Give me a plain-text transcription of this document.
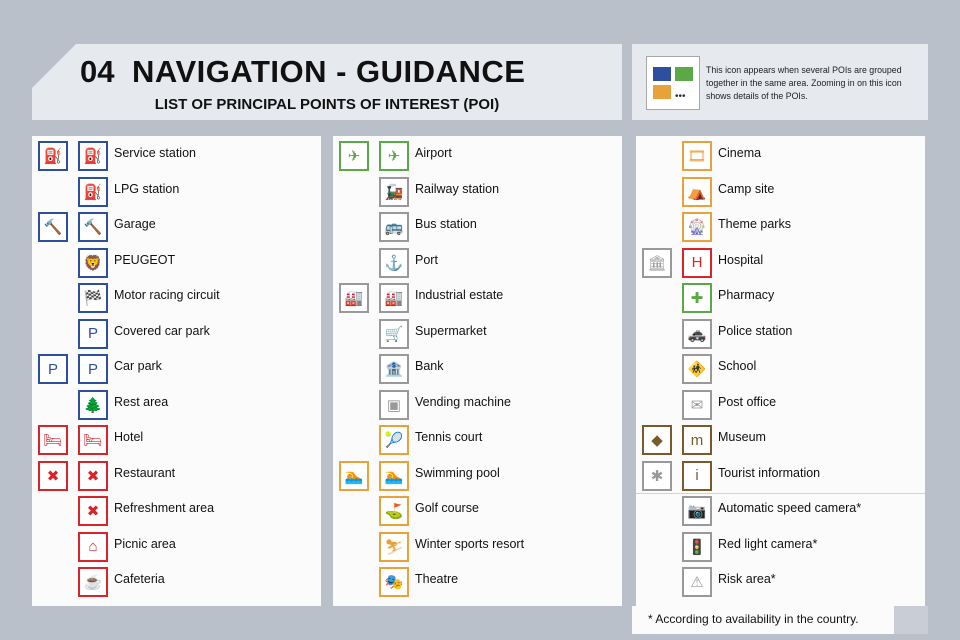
04 NAVIGATION - GUIDANCE
LIST OF PRINCIPAL POINTS OF INTEREST (POI)	•••
This icon appears when several POIs are grouped together in the same area. Zooming in on this icon shows details of the POIs.
⛽	⛽ Service station
⛽ LPG station
🔨	🔨 Garage
🦁 PEUGEOT
🏁 Motor racing circuit
P	Covered car park
P	P	Car park
🌲 Rest area
🛏	🛏 Hotel
✖	✖	Restaurant
✖	Refreshment area
⌂	Picnic area
☕ Cafeteria
✈	✈	Airport
🚂 Railway station
🚌 Bus station
⚓ Port
🏭	🏭 Industrial estate
🛒 Supermarket
🏦 Bank
▣	Vending machine
🎾 Tennis court
🏊	🏊 Swimming pool
⛳ Golf course
⛷ Winter sports resort
🎭 Theatre
🎞 Cinema
⛺ Camp site
🎡 Theme parks
🏛	H	Hospital
✚	Pharmacy
🚓 Police station
🚸 School
✉	Post office
◆	m	Museum
✱	i	Tourist information
📷 Automatic speed camera*
🚦 Red light camera*
⚠	Risk area*
* According to availability in the country.
